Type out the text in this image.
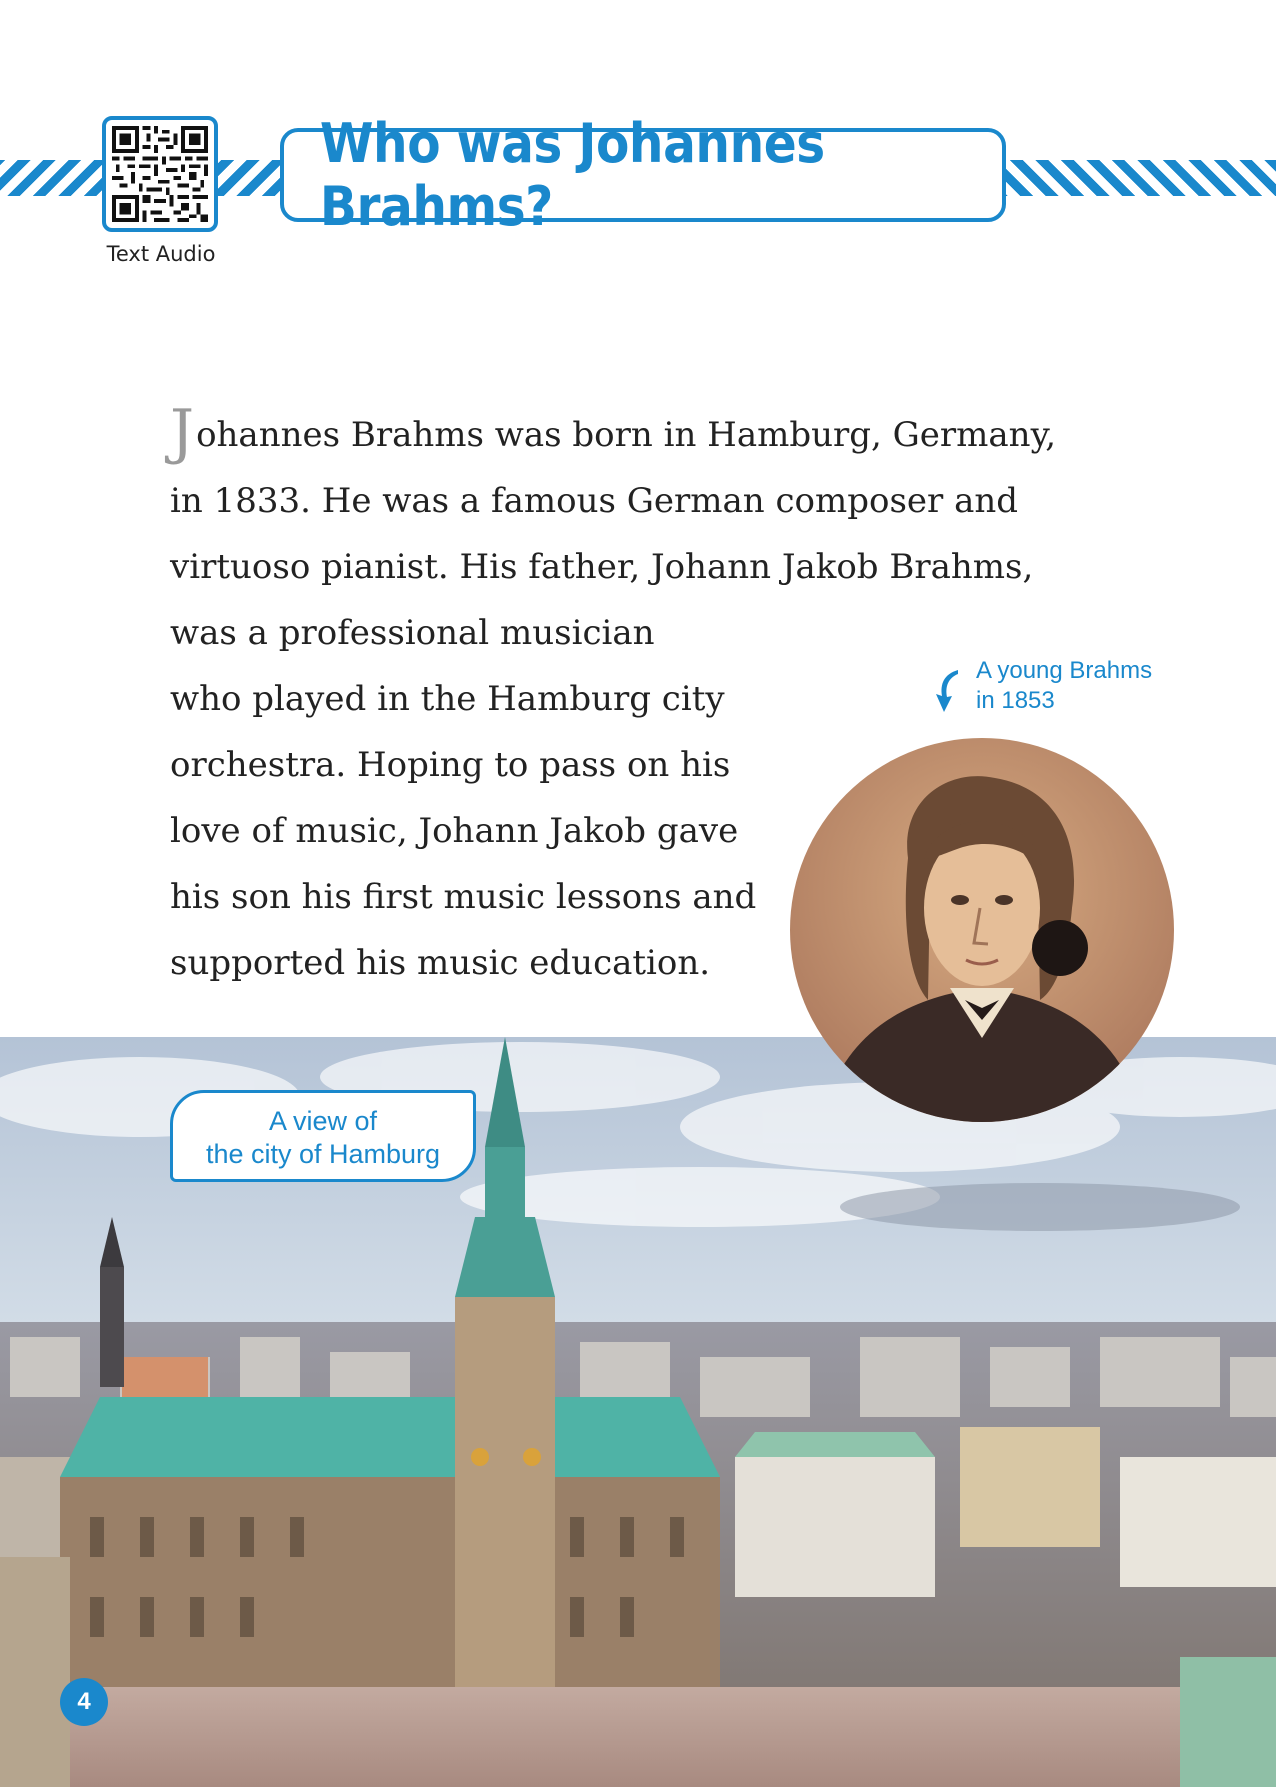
Text Audio
Who was Johannes Brahms?
Johannes Brahms was born in Hamburg, Germany,
in 1833. He was a famous German composer and
virtuoso pianist. His father, Johann Jakob Brahms,
was a professional musician
who played in the Hamburg city
orchestra. Hoping to pass on his
love of music, Johann Jakob gave
his son his first music lessons and
supported his music education.
A young Brahms
in 1853
A view of
the city of Hamburg
4
